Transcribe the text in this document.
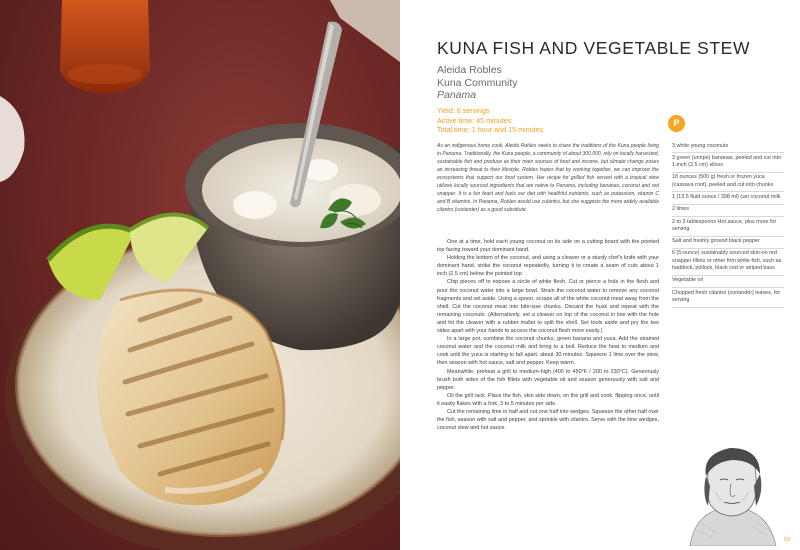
KUNA FISH AND VEGETABLE STEW
Aleida Robles
Kuna Community
Panama
Yield: 6 servings
Active time: 45 minutes
Total time: 1 hour and 15 minutes

As an indigenous home cook, Aleida Robles seeks to share the traditions of the Kuna people living in Panama. Traditionally, the Kuna people, a community of about 300,000, rely on locally harvested, sustainable fish and produce as their main sources of food and income, but climate change poses an increasing threat to their lifestyle. Robles hopes that by working together, we can improve the ecosystems that support our food system. Her recipe for grilled fish served with a tropical stew utilizes locally sourced ingredients that are native to Panama, including bananas, coconut and red snapper. It is a fun feast and fuels our diet with healthful nutrients, such as potassium, vitamin C and B vitamins. In Panama, Robles would use culantro, but she suggests the more widely available cilantro (coriander) as a good substitute.

One at a time, hold each young coconut on its side on a cutting board with the pointed top facing toward your dominant hand.

Holding the bottom of the coconut, and using a cleaver or a sturdy chef's knife with your dominant hand, strike the coconut repeatedly, turning it to create a seam of cuts about 1 inch (2.5 cm) below the pointed top.

Chip pieces off to expose a circle of white flesh. Cut or pierce a hole in the flesh and pour the coconut water into a large bowl. Strain the coconut water to remove any coconut fragments and set aside. Using a spoon, scrape all of the white coconut meat away from the shell. Cut the coconut meat into bite-size chunks. Discard the husk and repeat with the remaining coconuts. (Alternatively, set a cleaver on top of the coconut in line with the hole and hit the cleaver with a rubber mallet to split the shell. Set tools aside and pry the two sides apart with your hands to access the coconut flesh more easily.)

In a large pot, combine the coconut chunks, green banana and yuca. Add the strained coconut water and the coconut milk and bring to a boil. Reduce the heat to medium and cook until the yuca is starting to fall apart, about 30 minutes. Squeeze 1 lime over the stew, then season with hot sauce, salt and pepper. Keep warm.

Meanwhile, preheat a grill to medium-high (400 to 450°F / 200 to 230°C). Generously brush both sides of the fish fillets with vegetable oil and season generously with salt and pepper.

Oil the grill rack. Place the fish, skin side down, on the grill and cook, flipping once, until it easily flakes with a fork, 3 to 5 minutes per side.

Cut the remaining lime in half and cut one half into wedges. Squeeze the other half over the fish, season with salt and pepper, and sprinkle with cilantro. Serve with the lime wedges, coconut stew and hot sauce.

P
3 white young coconuts
3 green (unripe) bananas, peeled and cut into 1-inch (2.5 cm) slices
18 ounces (500 g) fresh or frozen yuca (cassava root), peeled and cut into chunks
1 (13.5 fluid ounce / 398 ml) can coconut milk
2 limes
2 to 3 tablespoons Hot sauce, plus more for serving
Salt and freshly ground black pepper
6 (5-ounce) sustainably sourced skin-on red snapper fillets or other firm white fish, such as haddock, pollock, black cod or striped bass
Vegetable oil
Chopped fresh cilantro (coriander) leaves, for serving
93
